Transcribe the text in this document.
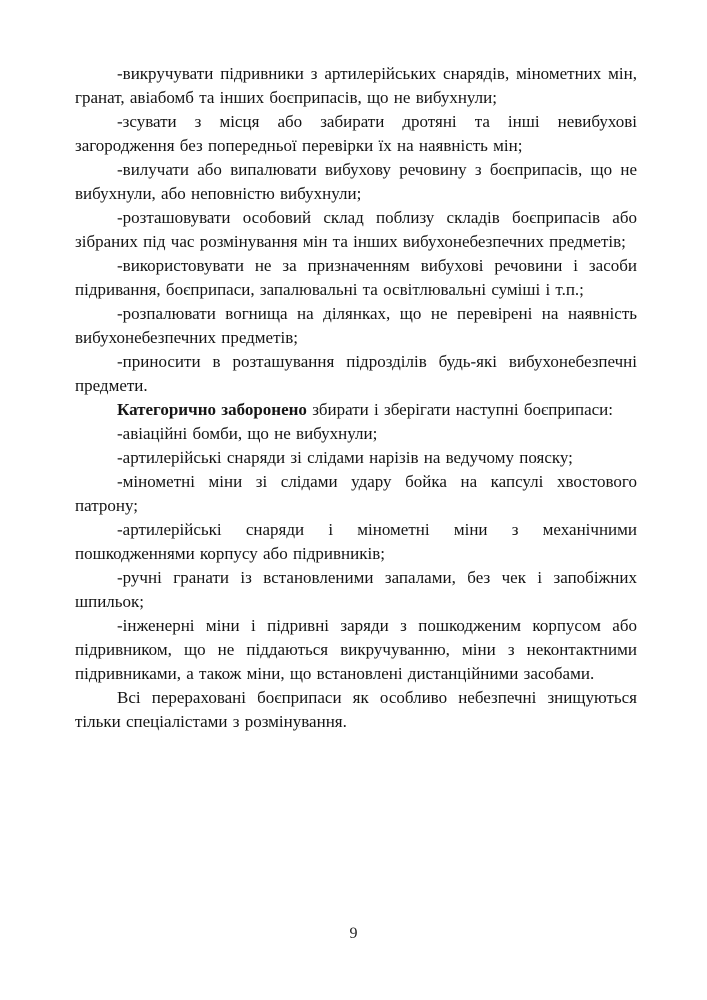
-викручувати підривники з артилерійських снарядів, мінометних мін, гранат, авіабомб та інших боєприпасів, що не вибухнули;

-зсувати з місця або забирати дротяні та інші невибухові загородження без попередньої перевірки їх на наявність мін;

-вилучати або випалювати вибухову речовину з боєприпасів, що не вибухнули, або неповністю вибухнули;

-розташовувати особовий склад поблизу складів боєприпасів або зібраних під час розмінування мін та інших вибухонебезпечних предметів;

-використовувати не за призначенням вибухові речовини і засоби підривання, боєприпаси, запалювальні та освітлювальні суміші і т.п.;

-розпалювати вогнища на ділянках, що не перевірені на наявність вибухонебезпечних предметів;

-приносити в розташування підрозділів будь-які вибухонебезпечні предмети.

Категорично заборонено збирати і зберігати наступні боєприпаси:

-авіаційні бомби, що не вибухнули;

-артилерійські снаряди зі слідами нарізів на ведучому пояску;

-мінометні міни зі слідами удару бойка на капсулі хвостового патрону;

-артилерійські снаряди і мінометні міни з механічними пошкодженнями корпусу або підривників;

-ручні гранати із встановленими запалами, без чек і запобіжних шпильок;

-інженерні міни і підривні заряди з пошкодженим корпусом або підривником, що не піддаються викручуванню, міни з неконтактними підривниками, а також міни, що встановлені дистанційними засобами.

Всі перераховані боєприпаси як особливо небезпечні знищуються тільки спеціалістами з розмінування.

9
